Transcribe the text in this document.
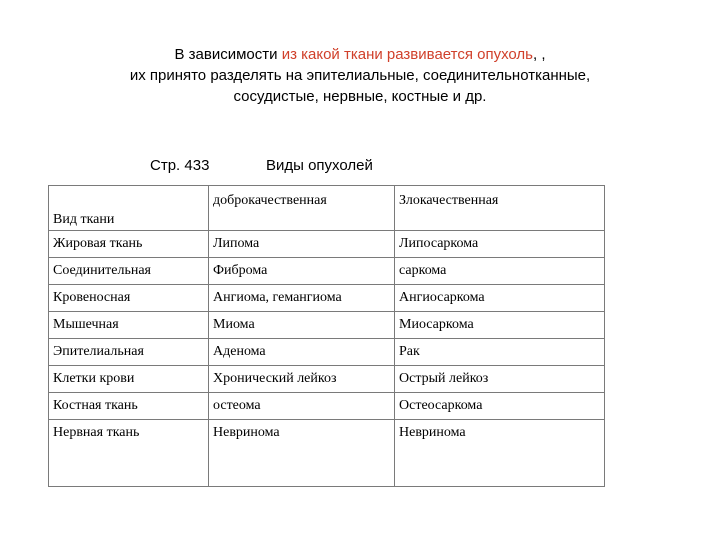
В зависимости из какой ткани развивается опухоль, ,
их принято разделять на эпителиальные, соединительнотканные,
сосудистые, нервные, костные и др.
Стр. 433	Виды опухолей
Вид ткани	доброкачественная	Злокачественная
Жировая ткань	Липома	Липосаркома
Соединительная	Фиброма	саркома
Кровеносная	Ангиома, гемангиома	Ангиосаркома
Мышечная	Миома	Миосаркома
Эпителиальная	Аденома	Рак
Клетки крови	Хронический лейкоз	Острый лейкоз
Костная ткань	остеома	Остеосаркома
Нервная ткань	Невринома	Невринома
